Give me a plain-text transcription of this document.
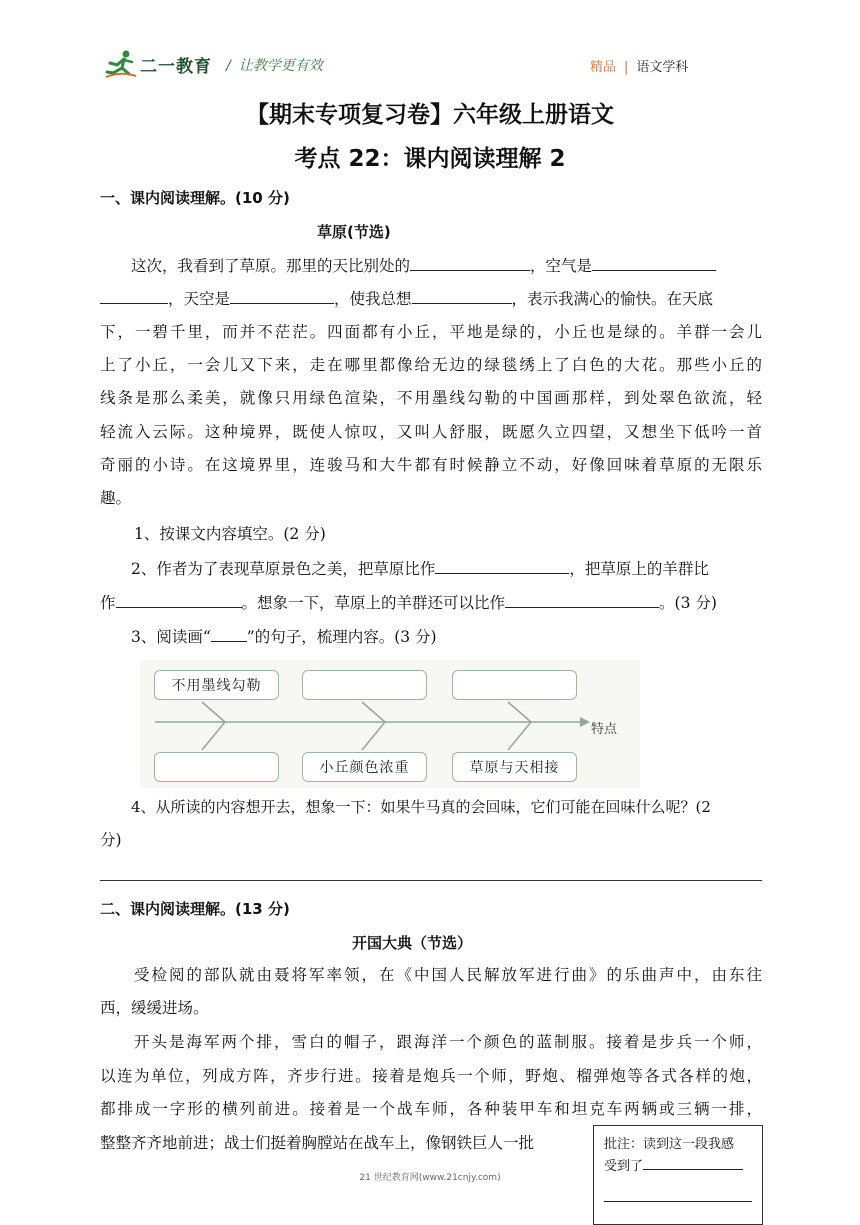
二一教育 / 让教学更有效	精品 | 语文学科
【期末专项复习卷】六年级上册语文
考点 22：课内阅读理解 2
一、课内阅读理解。(10 分)
草原(节选)
这次，我看到了草原。那里的天比别处的	，空气是
，天空是	，使我总想	，表示我满心的愉快。在天底
下，一碧千里，而并不茫茫。四面都有小丘，平地是绿的，小丘也是绿的。羊群一会儿
上了小丘，一会儿又下来，走在哪里都像给无边的绿毯绣上了白色的大花。那些小丘的
线条是那么柔美，就像只用绿色渲染，不用墨线勾勒的中国画那样，到处翠色欲流，轻
轻流入云际。这种境界，既使人惊叹，又叫人舒服，既愿久立四望，又想坐下低吟一首
奇丽的小诗。在这境界里，连骏马和大牛都有时候静立不动，好像回味着草原的无限乐
趣。
1、按课文内容填空。(2 分)
2、作者为了表现草原景色之美，把草原比作	，把草原上的羊群比
作	。想象一下，草原上的羊群还可以比作	。(3 分)
3、阅读画“ ”的句子，梳理内容。(3 分)
不用墨线勾勒
小丘颜色浓重	草原与天相接
特点
4、从所读的内容想开去，想象一下：如果牛马真的会回味，它们可能在回味什么呢？(2
分)
二、课内阅读理解。(13 分)
开国大典（节选）
受检阅的部队就由聂将军率领，在《中国人民解放军进行曲》的乐曲声中，由东往
西，缓缓进场。
开头是海军两个排，雪白的帽子，跟海洋一个颜色的蓝制服。接着是步兵一个师，
以连为单位，列成方阵，齐步行进。接着是炮兵一个师，野炮、榴弹炮等各式各样的炮，
都排成一字形的横列前进。接着是一个战车师，各种装甲车和坦克车两辆或三辆一排，
整整齐齐地前进；战士们挺着胸膛站在战车上，像钢铁巨人一批	批注：读到这一段我感
受到了
21 世纪教育网(www.21cnjy.com)
